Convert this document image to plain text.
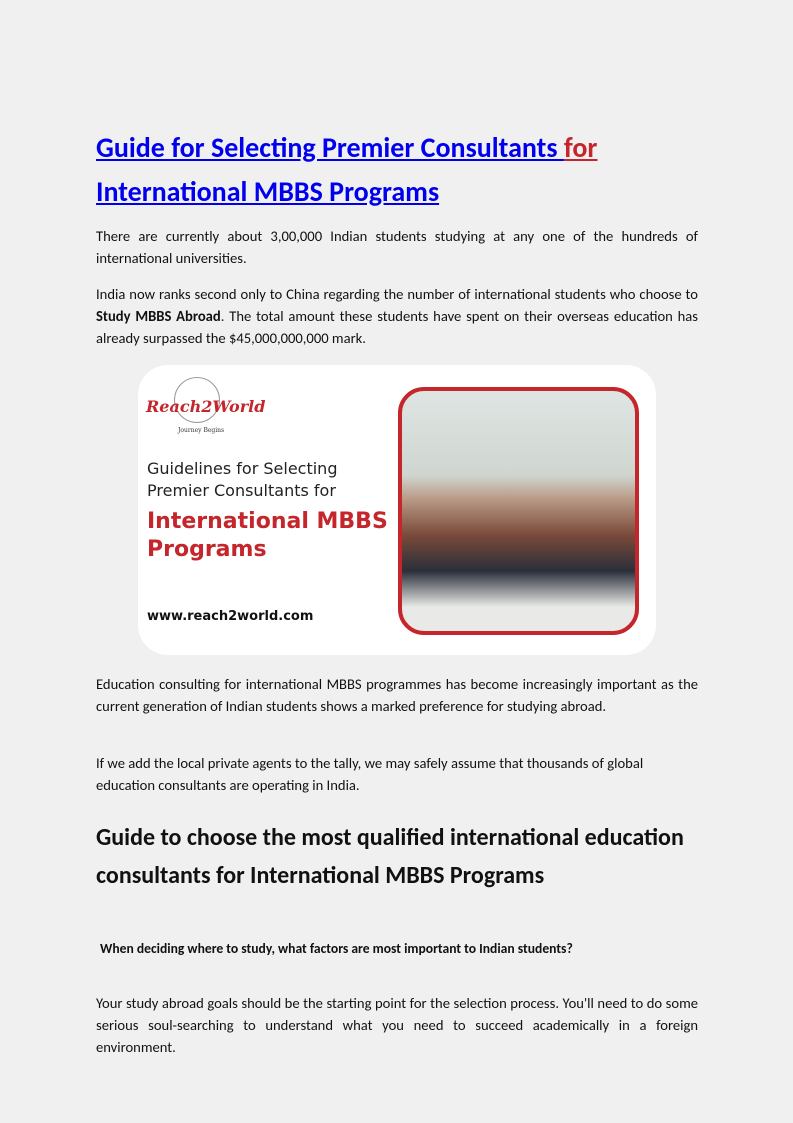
Guide for Selecting Premier Consultants for
International MBBS Programs

There are currently about 3,00,000 Indian students studying at any one of the hundreds of international universities.

India now ranks second only to China regarding the number of international students who choose to Study MBBS Abroad. The total amount these students have spent on their overseas education has already surpassed the $45,000,000,000 mark.

Reach2World
Journey Begins
Guidelines for Selecting
Premier Consultants for
International MBBS
Programs
www.reach2world.com

Education consulting for international MBBS programmes has become increasingly important as the current generation of Indian students shows a marked preference for studying abroad.

If we add the local private agents to the tally, we may safely assume that thousands of global education consultants are operating in India.

Guide to choose the most qualified international education consultants for International MBBS Programs
When deciding where to study, what factors are most important to Indian students?

Your study abroad goals should be the starting point for the selection process. You'll need to do some serious soul-searching to understand what you need to succeed academically in a foreign environment.
